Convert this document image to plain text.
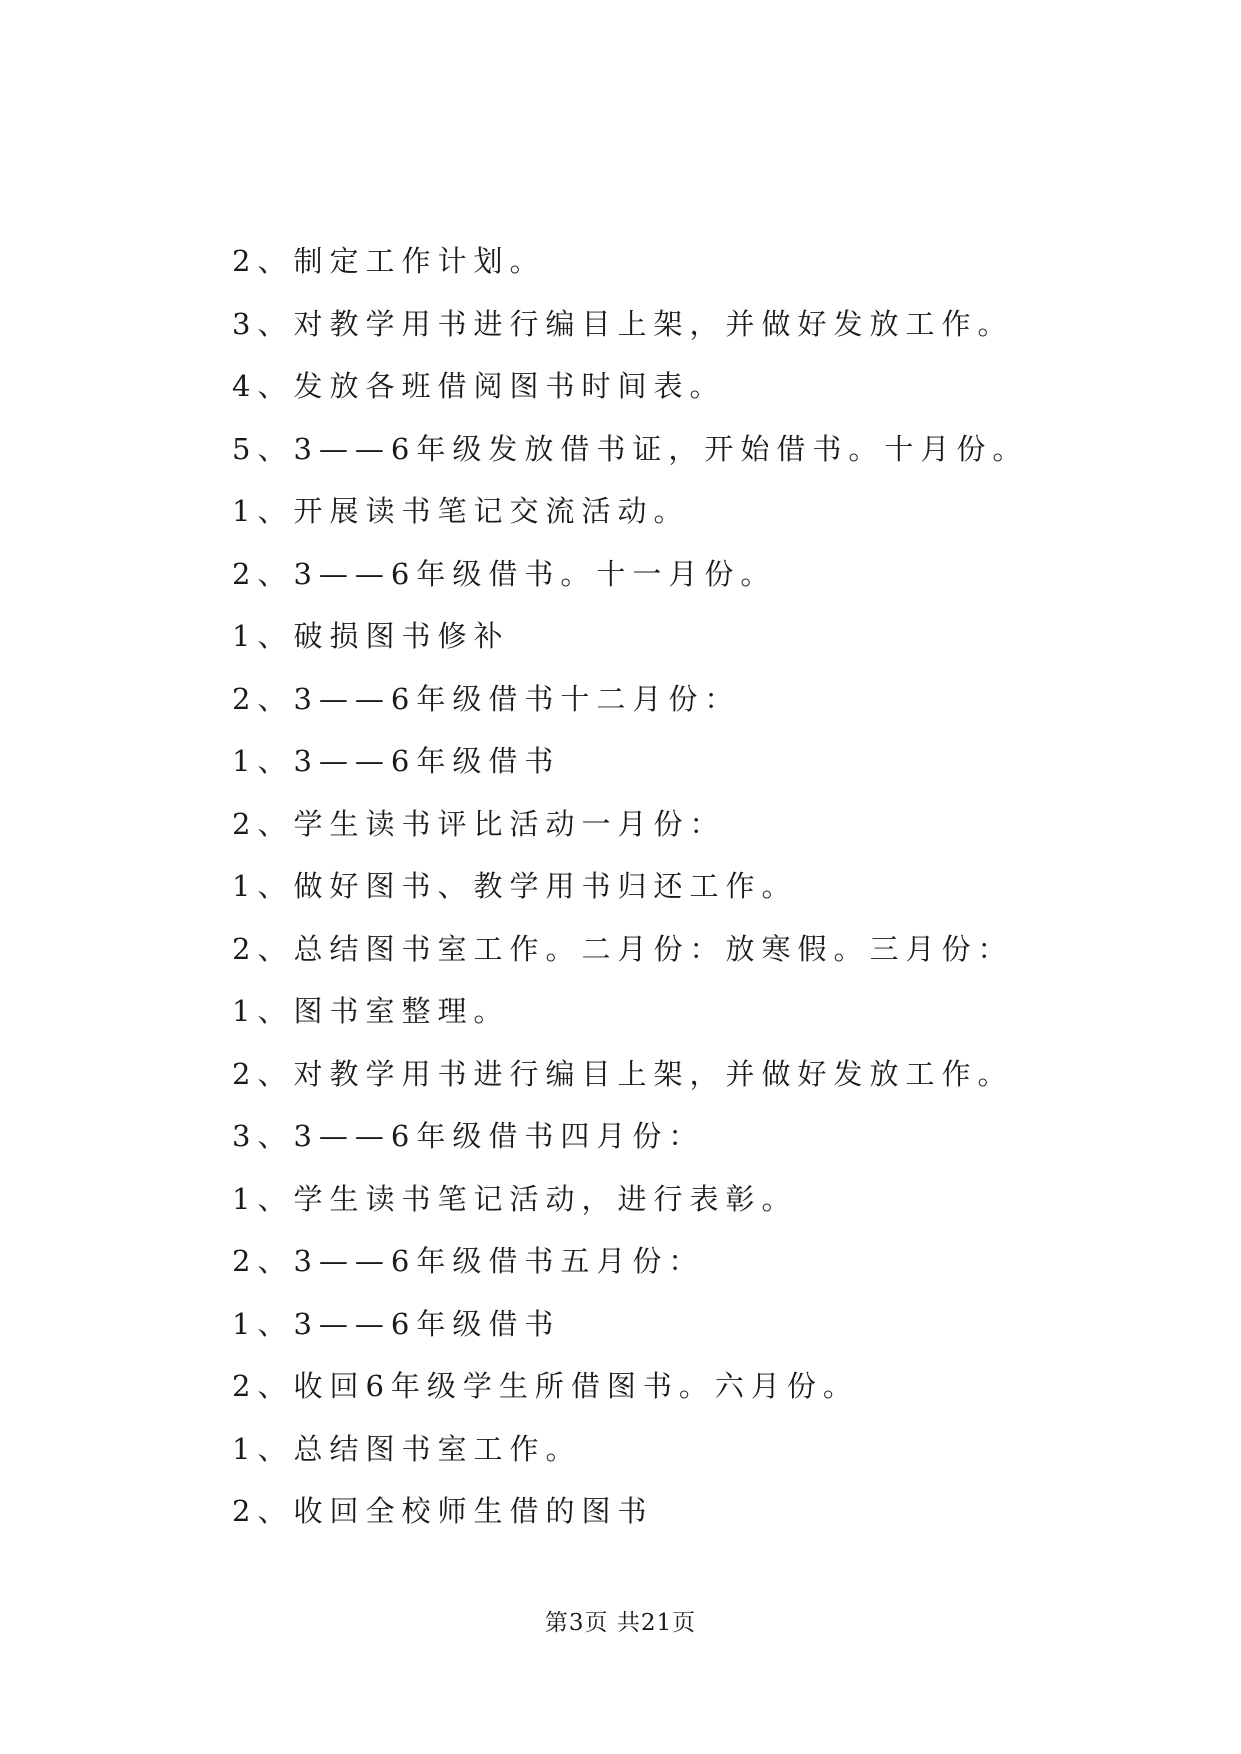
2、制定工作计划。
3、对教学用书进行编目上架，并做好发放工作。
4、发放各班借阅图书时间表。
5、3——6年级发放借书证，开始借书。十月份。
1、开展读书笔记交流活动。
2、3——6年级借书。十一月份。
1、破损图书修补
2、3——6年级借书十二月份：
1、3——6年级借书
2、学生读书评比活动一月份：
1、做好图书、教学用书归还工作。
2、总结图书室工作。二月份：放寒假。三月份：
1、图书室整理。
2、对教学用书进行编目上架，并做好发放工作。
3、3——6年级借书四月份：
1、学生读书笔记活动，进行表彰。
2、3——6年级借书五月份：
1、3——6年级借书
2、收回6年级学生所借图书。六月份。
1、总结图书室工作。
2、收回全校师生借的图书
第3页 共21页
